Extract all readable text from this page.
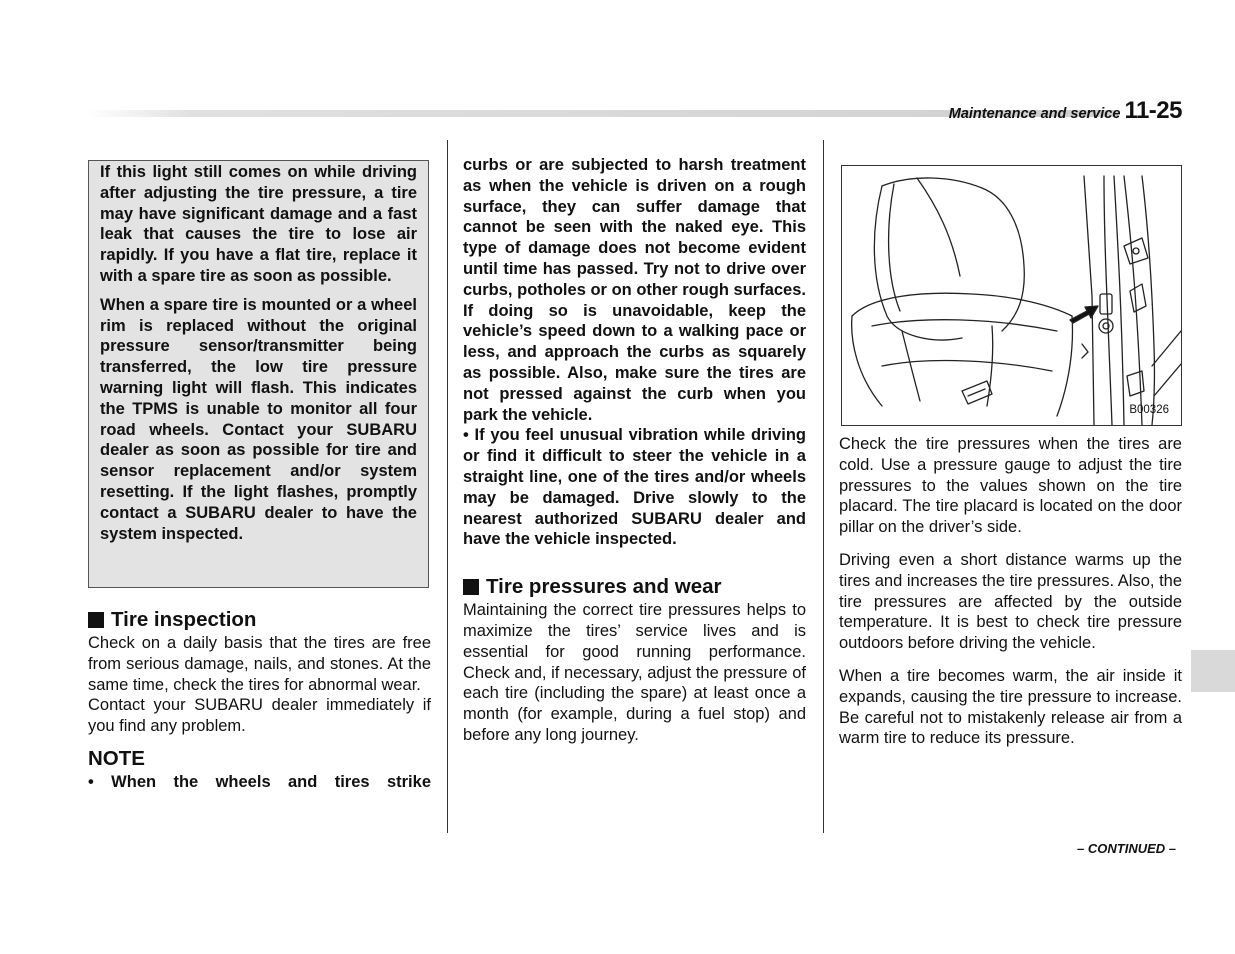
Maintenance and service 11-25

If this light still comes on while driving after adjusting the tire pressure, a tire may have significant damage and a fast leak that causes the tire to lose air rapidly. If you have a flat tire, replace it with a spare tire as soon as possible.

When a spare tire is mounted or a wheel rim is replaced without the original pressure sensor/transmitter being transferred, the low tire pressure warning light will flash. This indicates the TPMS is unable to monitor all four road wheels. Contact your SUBARU dealer as soon as possible for tire and sensor replacement and/or system resetting. If the light flashes, promptly contact a SUBARU dealer to have the system inspected.

Tire inspection

Check on a daily basis that the tires are free from serious damage, nails, and stones. At the same time, check the tires for abnormal wear.

Contact your SUBARU dealer immediately if you find any problem.

NOTE

• When the wheels and tires strike

curbs or are subjected to harsh treatment as when the vehicle is driven on a rough surface, they can suffer damage that cannot be seen with the naked eye. This type of damage does not become evident until time has passed. Try not to drive over curbs, potholes or on other rough surfaces. If doing so is unavoidable, keep the vehicle’s speed down to a walking pace or less, and approach the curbs as squarely as possible. Also, make sure the tires are not pressed against the curb when you park the vehicle.

• If you feel unusual vibration while driving or find it difficult to steer the vehicle in a straight line, one of the tires and/or wheels may be damaged. Drive slowly to the nearest authorized SUBARU dealer and have the vehicle inspected.

Tire pressures and wear

Maintaining the correct tire pressures helps to maximize the tires’ service lives and is essential for good running performance. Check and, if necessary, adjust the pressure of each tire (including the spare) at least once a month (for example, during a fuel stop) and before any long journey.

B00326

Check the tire pressures when the tires are cold. Use a pressure gauge to adjust the tire pressures to the values shown on the tire placard. The tire placard is located on the door pillar on the driver’s side.

Driving even a short distance warms up the tires and increases the tire pressures. Also, the tire pressures are affected by the outside temperature. It is best to check tire pressure outdoors before driving the vehicle.

When a tire becomes warm, the air inside it expands, causing the tire pressure to increase. Be careful not to mistakenly release air from a warm tire to reduce its pressure.

– CONTINUED –
